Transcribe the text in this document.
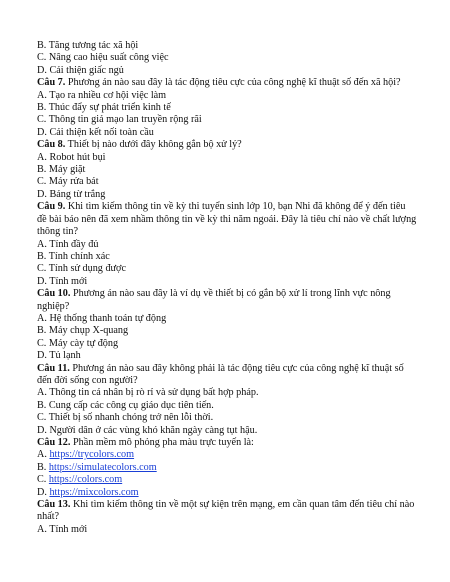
B. Tăng tương tác xã hội
C. Nâng cao hiệu suất công việc
D. Cải thiện giấc ngủ
Câu 7. Phương án nào sau đây là tác động tiêu cực của công nghệ kĩ thuật số đến xã hội?
A. Tạo ra nhiều cơ hội việc làm
B. Thúc đẩy sự phát triển kinh tế
C. Thông tin giả mạo lan truyền rộng rãi
D. Cải thiện kết nối toàn cầu
Câu 8. Thiết bị nào dưới đây không gắn bộ xử lý?
A. Robot hút bụi
B. Máy giặt
C. Máy rửa bát
D. Bảng từ trắng
Câu 9. Khi tìm kiếm thông tin về kỳ thi tuyển sinh lớp 10, bạn Nhi đã không để ý đến tiêu đề bài báo nên đã xem nhầm thông tin về kỳ thi năm ngoái. Đây là tiêu chí nào về chất lượng thông tin?
A. Tính đầy đủ
B. Tính chính xác
C. Tính sử dụng được
D. Tính mới
Câu 10. Phương án nào sau đây là ví dụ về thiết bị có gắn bộ xử lí trong lĩnh vực nông nghiệp?
A. Hệ thống thanh toán tự động
B. Máy chụp X-quang
C. Máy cày tự động
D. Tủ lạnh
Câu 11. Phương án nào sau đây không phải là tác động tiêu cực của công nghệ kĩ thuật số đến đời sống con người?
A. Thông tin cá nhân bị rò rỉ và sử dụng bất hợp pháp.
B. Cung cấp các công cụ giáo dục tiên tiến.
C. Thiết bị số nhanh chóng trở nên lỗi thời.
D. Người dân ở các vùng khó khăn ngày càng tụt hậu.
Câu 12. Phần mềm mô phỏng pha màu trực tuyến là:
A. https://trycolors.com
B. https://simulatecolors.com
C. https://colors.com
D. https://mixcolors.com
Câu 13. Khi tìm kiếm thông tin về một sự kiện trên mạng, em cần quan tâm đến tiêu chí nào nhất?
A. Tính mới
